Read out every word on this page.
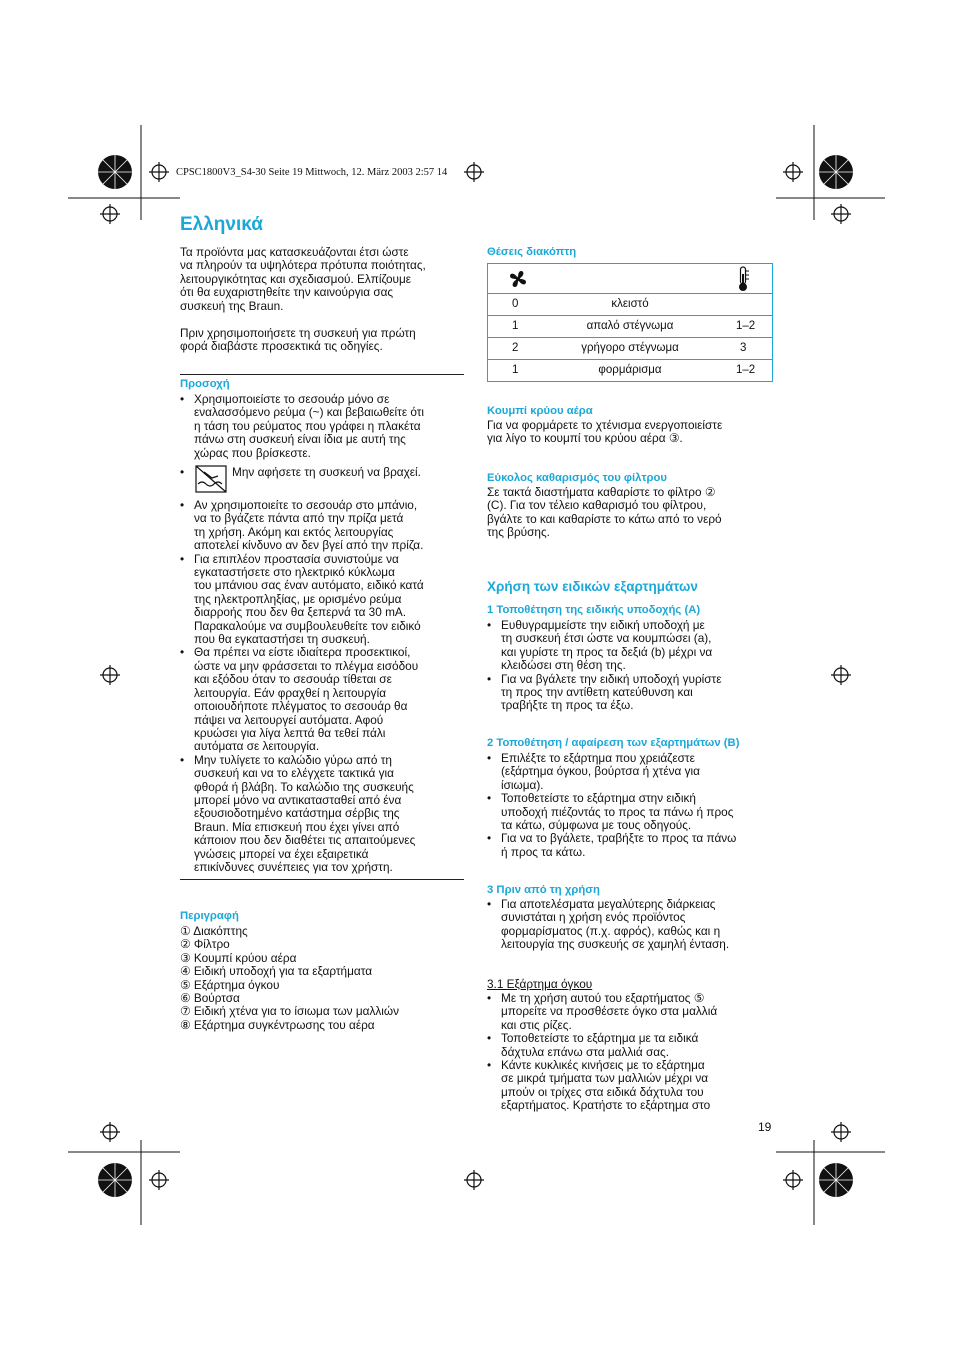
CPSC1800V3_S4-30 Seite 19 Mittwoch, 12. März 2003 2:57 14
Ελληνικά
Τα προϊόντα μας κατασκευάζονται έτσι ώστε
να πληρούν τα υψηλότερα πρότυπα ποιότητας,
λειτουργικότητας και σχεδιασμού. Ελπίζουμε
ότι θα ευχαριστηθείτε την καινούργια σας
συσκευή της Braun.
Πριν χρησιμοποιήσετε τη συσκευή για πρώτη
φορά διαβάστε προσεκτικά τις οδηγίες.
Προσοχή
• Χρησιμοποιείστε το σεσουάρ μόνο σε
εναλασσόμενο ρεύμα (~) και βεβαιωθείτε ότι
η τάση του ρεύματος που γράφει η πλακέτα
πάνω στη συσκευή είναι ίδια με αυτή της
χώρας που βρίσκεστε.
• Μην αφήσετε τη συσκευή να βραχεί.
• Αν χρησιμοποιείτε το σεσουάρ στο μπάνιο,
να το βγάζετε πάντα από την πρίζα μετά
τη χρήση. Ακόμη και εκτός λειτουργίας
αποτελεί κίνδυνο αν δεν βγεί από την πρίζα.
• Για επιπλέον προστασία συνιστούμε να
εγκαταστήσετε στο ηλεκτρικό κύκλωμα
του μπάνιου σας έναν αυτόματο, ειδικό κατά
της ηλεκτροπληξίας, με ορισμένο ρεύμα
διαρροής που δεν θα ξεπερνά τα 30 mA.
Παρακαλούμε να συμβουλευθείτε τον ειδικό
που θα εγκαταστήσει τη συσκευή.
• Θα πρέπει να είστε ιδιαίτερα προσεκτικοί,
ώστε να μην φράσσεται το πλέγμα εισόδου
και εξόδου όταν το σεσουάρ τίθεται σε
λειτουργία. Εάν φραχθεί η λειτουργία
οποιουδήποτε πλέγματος το σεσουάρ θα
πάψει να λειτουργεί αυτόματα. Αφού
κρυώσει για λίγα λεπτά θα τεθεί πάλι
αυτόματα σε λειτουργία.
• Μην τυλίγετε το καλώδιο γύρω από τη
συσκευή και να το ελέγχετε τακτικά για
φθορά ή βλάβη. Το καλώδιο της συσκευής
μπορεί μόνο να αντικατασταθεί από ένα
εξουσιοδοτημένο κατάστημα σέρβις της
Braun. Μία επισκευή που έχει γίνει από
κάποιον που δεν διαθέτει τις απαιτούμενες
γνώσεις μπορεί να έχει εξαιρετικά
επικίνδυνες συνέπειες για τον χρήστη.
Περιγραφή
① Διακόπτης
② Φίλτρο
③ Κουμπί κρύου αέρα
④ Ειδική υποδοχή για τα εξαρτήματα
⑤ Εξάρτημα όγκου
⑥ Βούρτσα
⑦ Ειδική χτένα για το ίσιωμα των μαλλιών
⑧ Εξάρτημα συγκέντρωσης του αέρα
Θέσεις διακόπτη
0	κλειστό
1	απαλό στέγνωμα	1–2
2	γρήγορο στέγνωμα	3
1	φορμάρισμα	1–2
Κουμπί κρύου αέρα
Για να φορμάρετε το χτένισμα ενεργοποιείστε
για λίγο το κουμπί του κρύου αέρα ③.
Εύκολος καθαρισμός του φίλτρου
Σε τακτά διαστήματα καθαρίστε το φίλτρο ②
(C). Για τον τέλειο καθαρισμό του φίλτρου,
βγάλτε το και καθαρίστε το κάτω από το νερό
της βρύσης.
Χρήση των ειδικών εξαρτημάτων
1 Τοποθέτηση της ειδικής υποδοχής (A)
• Ευθυγραμμείστε την ειδική υποδοχή με
τη συσκευή έτσι ώστε να κουμπώσει (a),
και γυρίστε τη προς τα δεξιά (b) μέχρι να
κλειδώσει στη θέση της.
• Για να βγάλετε την ειδική υποδοχή γυρίστε
τη προς την αντίθετη κατεύθυνση και
τραβήξτε τη προς τα έξω.
2 Τοποθέτηση / αφαίρεση των εξαρτημάτων (B)
• Επιλέξτε το εξάρτημα που χρειάζεστε
(εξάρτημα όγκου, βούρτσα ή χτένα για
ίσιωμα).
• Τοποθετείστε το εξάρτημα στην ειδική
υποδοχή πιέζοντάς το προς τα πάνω ή προς
τα κάτω, σύμφωνα με τους οδηγούς.
• Για να το βγάλετε, τραβήξτε το προς τα πάνω
ή προς τα κάτω.
3 Πριν από τη χρήση
• Για αποτελέσματα μεγαλύτερης διάρκειας
συνιστάται η χρήση ενός προϊόντος
φορμαρίσματος (π.χ. αφρός), καθώς και η
λειτουργία της συσκευής σε χαμηλή ένταση.
3.1 Εξάρτημα όγκου
• Με τη χρήση αυτού του εξαρτήματος ⑤
μπορείτε να προσθέσετε όγκο στα μαλλιά
και στις ρίζες.
• Τοποθετείστε το εξάρτημα με τα ειδικά
δάχτυλα επάνω στα μαλλιά σας.
• Κάντε κυκλικές κινήσεις με το εξάρτημα
σε μικρά τμήματα των μαλλιών μέχρι να
μπούν οι τρίχες στα ειδικά δάχτυλα του
εξαρτήματος. Κρατήστε το εξάρτημα στο
19
